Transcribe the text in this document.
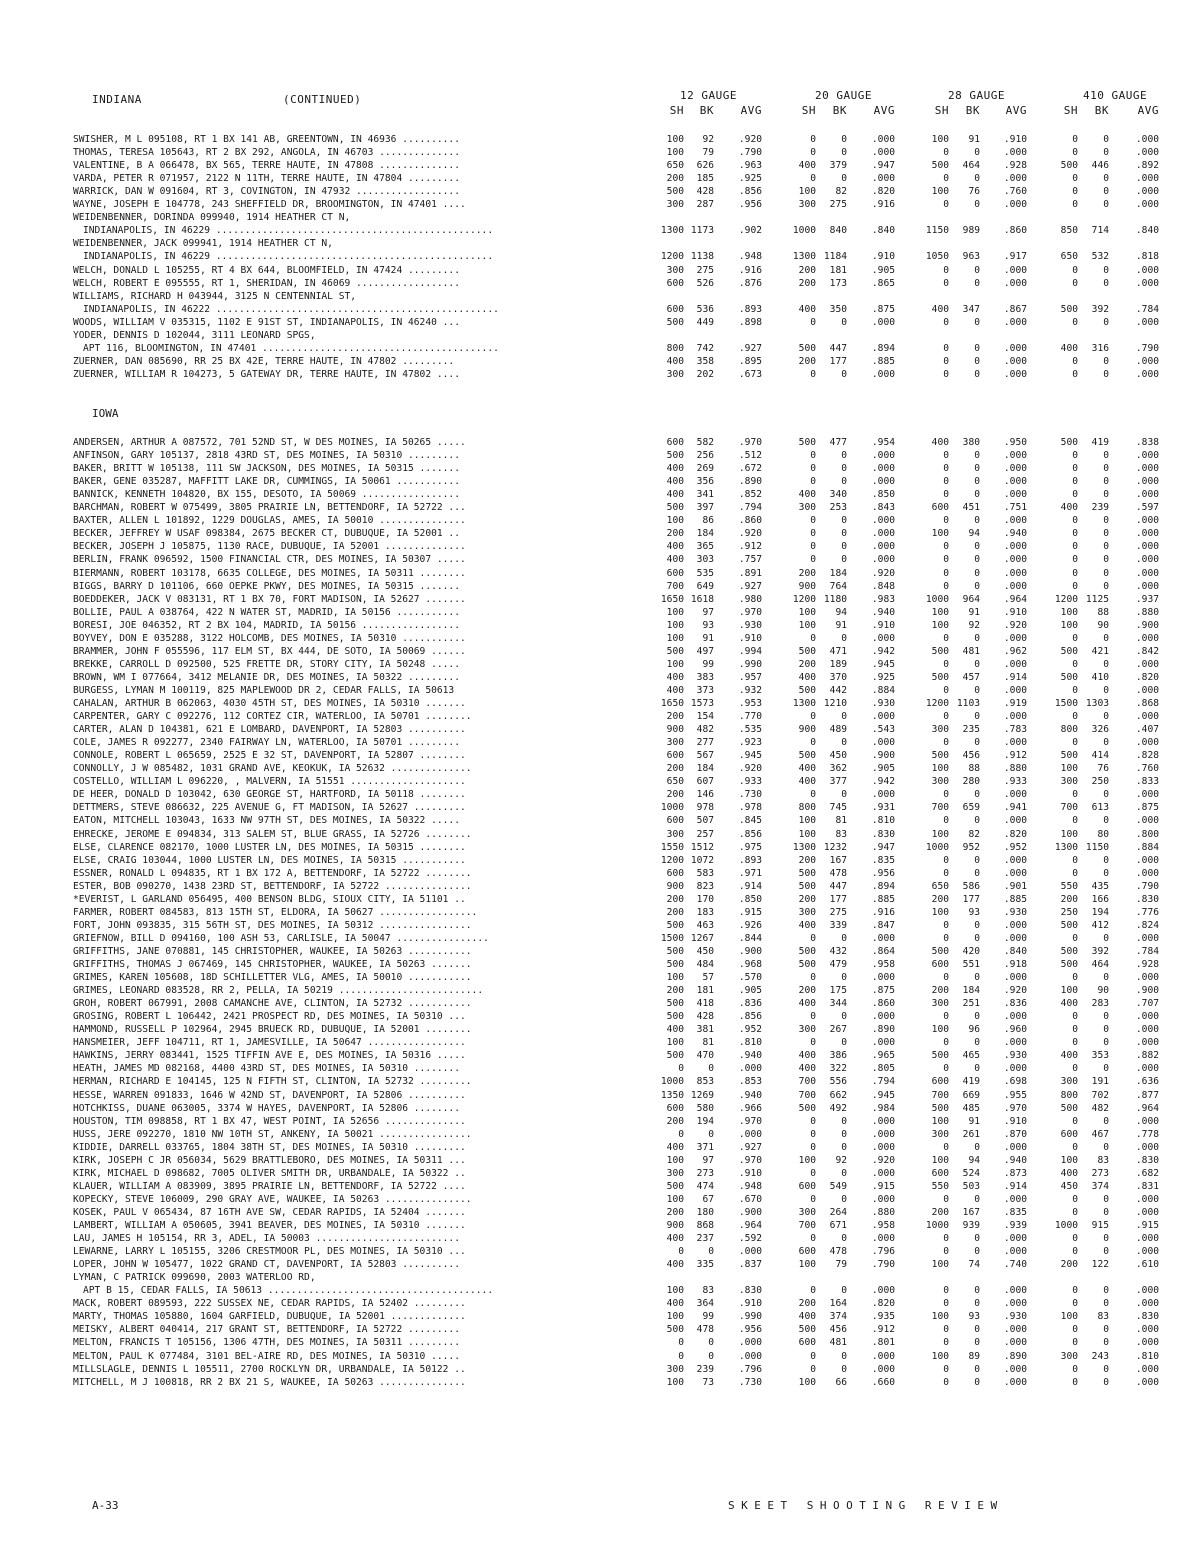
INDIANA	(CONTINUED)	12 GAUGE	20 GAUGE	28 GAUGE	410 GAUGE
SH	BK	AVG	SH	BK	AVG	SH	BK	AVG	SH	BK	AVG
SWISHER, M L 095108, RT 1 BX 141 AB, GREENTOWN, IN 46936 ..........	100	92	.920	0	0	.000	100	91	.910	0	0	.000
THOMAS, TERESA 105643, RT 2 BX 292, ANGOLA, IN 46703 ..............	100	79	.790	0	0	.000	0	0	.000	0	0	.000
VALENTINE, B A 066478, BX 565, TERRE HAUTE, IN 47808 ..............	650	626	.963	400	379	.947	500	464	.928	500	446	.892
VARDA, PETER R 071957, 2122 N 11TH, TERRE HAUTE, IN 47804 .........	200	185	.925	0	0	.000	0	0	.000	0	0	.000
WARRICK, DAN W 091604, RT 3, COVINGTON, IN 47932 ..................	500	428	.856	100	82	.820	100	76	.760	0	0	.000
WAYNE, JOSEPH E 104778, 243 SHEFFIELD DR, BROOMINGTON, IN 47401 ....	300	287	.956	300	275	.916	0	0	.000	0	0	.000
WEIDENBENNER, DORINDA 099940, 1914 HEATHER CT N,
INDIANAPOLIS, IN 46229 ................................................	1300 1173	.902	1000	840	.840	1150	989	.860	850	714	.840
WEIDENBENNER, JACK 099941, 1914 HEATHER CT N,
INDIANAPOLIS, IN 46229 ................................................	1200 1138	.948	1300 1184	.910	1050	963	.917	650	532	.818
WELCH, DONALD L 105255, RT 4 BX 644, BLOOMFIELD, IN 47424 .........	300	275	.916	200	181	.905	0	0	.000	0	0	.000
WELCH, ROBERT E 095555, RT 1, SHERIDAN, IN 46069 ..................	600	526	.876	200	173	.865	0	0	.000	0	0	.000
WILLIAMS, RICHARD H 043944, 3125 N CENTENNIAL ST,
INDIANAPOLIS, IN 46222 .................................................	600	536	.893	400	350	.875	400	347	.867	500	392	.784
WOODS, WILLIAM V 035315, 1102 E 91ST ST, INDIANAPOLIS, IN 46240 ...	500	449	.898	0	0	.000	0	0	.000	0	0	.000
YODER, DENNIS D 102044, 3111 LEONARD SPGS,
APT 116, BLOOMINGTON, IN 47401 .........................................	800	742	.927	500	447	.894	0	0	.000	400	316	.790
ZUERNER, DAN 085690, RR 25 BX 42E, TERRE HAUTE, IN 47802 .........	400	358	.895	200	177	.885	0	0	.000	0	0	.000
ZUERNER, WILLIAM R 104273, 5 GATEWAY DR, TERRE HAUTE, IN 47802 ....	300	202	.673	0	0	.000	0	0	.000	0	0	.000
IOWA
ANDERSEN, ARTHUR A 087572, 701 52ND ST, W DES MOINES, IA 50265 .....	600	582	.970	500	477	.954	400	380	.950	500	419	.838
ANFINSON, GARY 105137, 2818 43RD ST, DES MOINES, IA 50310 .........	500	256	.512	0	0	.000	0	0	.000	0	0	.000
BAKER, BRITT W 105138, 111 SW JACKSON, DES MOINES, IA 50315 .......	400	269	.672	0	0	.000	0	0	.000	0	0	.000
BAKER, GENE 035287, MAFFITT LAKE DR, CUMMINGS, IA 50061 ...........	400	356	.890	0	0	.000	0	0	.000	0	0	.000
BANNICK, KENNETH 104820, BX 155, DESOTO, IA 50069 .................	400	341	.852	400	340	.850	0	0	.000	0	0	.000
BARCHMAN, ROBERT W 075499, 3805 PRAIRIE LN, BETTENDORF, IA 52722 ...	500	397	.794	300	253	.843	600	451	.751	400	239	.597
BAXTER, ALLEN L 101892, 1229 DOUGLAS, AMES, IA 50010 ...............	100	86	.860	0	0	.000	0	0	.000	0	0	.000
BECKER, JEFFREY W USAF 098384, 2675 BECKER CT, DUBUQUE, IA 52001 ..	200	184	.920	0	0	.000	100	94	.940	0	0	.000
BECKER, JOSEPH J 105875, 1130 RACE, DUBUQUE, IA 52001 ..............	400	365	.912	0	0	.000	0	0	.000	0	0	.000
BERLIN, FRANK 096592, 1500 FINANCIAL CTR, DES MOINES, IA 50307 .....	400	303	.757	0	0	.000	0	0	.000	0	0	.000
BIERMANN, ROBERT 103178, 6635 COLLEGE, DES MOINES, IA 50311 ........	600	535	.891	200	184	.920	0	0	.000	0	0	.000
BIGGS, BARRY D 101106, 660 OEPKE PKWY, DES MOINES, IA 50315 .......	700	649	.927	900	764	.848	0	0	.000	0	0	.000
BOEDDEKER, JACK V 083131, RT 1 BX 70, FORT MADISON, IA 52627 .......	1650 1618	.980	1200 1180	.983	1000	964	.964	1200 1125	.937
BOLLIE, PAUL A 038764, 422 N WATER ST, MADRID, IA 50156 ...........	100	97	.970	100	94	.940	100	91	.910	100	88	.880
BORESI, JOE 046352, RT 2 BX 104, MADRID, IA 50156 .................	100	93	.930	100	91	.910	100	92	.920	100	90	.900
BOYVEY, DON E 035288, 3122 HOLCOMB, DES MOINES, IA 50310 ...........	100	91	.910	0	0	.000	0	0	.000	0	0	.000
BRAMMER, JOHN F 055596, 117 ELM ST, BX 444, DE SOTO, IA 50069 ......	500	497	.994	500	471	.942	500	481	.962	500	421	.842
BREKKE, CARROLL D 092500, 525 FRETTE DR, STORY CITY, IA 50248 .....	100	99	.990	200	189	.945	0	0	.000	0	0	.000
BROWN, WM I 077664, 3412 MELANIE DR, DES MOINES, IA 50322 .........	400	383	.957	400	370	.925	500	457	.914	500	410	.820
BURGESS, LYMAN M 100119, 825 MAPLEWOOD DR 2, CEDAR FALLS, IA 50613	400	373	.932	500	442	.884	0	0	.000	0	0	.000
CAHALAN, ARTHUR B 062063, 4030 45TH ST, DES MOINES, IA 50310 .......	1650 1573	.953	1300 1210	.930	1200 1103	.919	1500 1303	.868
CARPENTER, GARY C 092276, 112 CORTEZ CIR, WATERLOO, IA 50701 ........	200	154	.770	0	0	.000	0	0	.000	0	0	.000
CARTER, ALAN D 104381, 621 E LOMBARD, DAVENPORT, IA 52803 ..........	900	482	.535	900	489	.543	300	235	.783	800	326	.407
COLE, JAMES R 092277, 2340 FAIRWAY LN, WATERLOO, IA 50701 .........	300	277	.923	0	0	.000	0	0	.000	0	0	.000
CONNOLE, ROBERT L 065659, 2525 E 32 ST, DAVENPORT, IA 52807 ........	600	567	.945	500	450	.900	500	456	.912	500	414	.828
CONNOLLY, J W 085482, 1031 GRAND AVE, KEOKUK, IA 52632 ..............	200	184	.920	400	362	.905	100	88	.880	100	76	.760
COSTELLO, WILLIAM L 096220, , MALVERN, IA 51551 ....................	650	607	.933	400	377	.942	300	280	.933	300	250	.833
DE HEER, DONALD D 103042, 630 GEORGE ST, HARTFORD, IA 50118 ........	200	146	.730	0	0	.000	0	0	.000	0	0	.000
DETTMERS, STEVE 086632, 225 AVENUE G, FT MADISON, IA 52627 .........	1000	978	.978	800	745	.931	700	659	.941	700	613	.875
EATON, MITCHELL 103043, 1633 NW 97TH ST, DES MOINES, IA 50322 .....	600	507	.845	100	81	.810	0	0	.000	0	0	.000
EHRECKE, JEROME E 094834, 313 SALEM ST, BLUE GRASS, IA 52726 ........	300	257	.856	100	83	.830	100	82	.820	100	80	.800
ELSE, CLARENCE 082170, 1000 LUSTER LN, DES MOINES, IA 50315 ........	1550 1512	.975	1300 1232	.947	1000	952	.952	1300 1150	.884
ELSE, CRAIG 103044, 1000 LUSTER LN, DES MOINES, IA 50315 ...........	1200 1072	.893	200	167	.835	0	0	.000	0	0	.000
ESSNER, RONALD L 094835, RT 1 BX 172 A, BETTENDORF, IA 52722 ........	600	583	.971	500	478	.956	0	0	.000	0	0	.000
ESTER, BOB 090270, 1438 23RD ST, BETTENDORF, IA 52722 ...............	900	823	.914	500	447	.894	650	586	.901	550	435	.790
*EVERIST, L GARLAND 056495, 400 BENSON BLDG, SIOUX CITY, IA 51101 ..	200	170	.850	200	177	.885	200	177	.885	200	166	.830
FARMER, ROBERT 084583, 813 15TH ST, ELDORA, IA 50627 .................	200	183	.915	300	275	.916	100	93	.930	250	194	.776
FORT, JOHN 093835, 315 56TH ST, DES MOINES, IA 50312 ................	500	463	.926	400	339	.847	0	0	.000	500	412	.824
GRIEFNOW, BILL D 094160, 100 ASH 53, CARLISLE, IA 50047 ................	1500 1267	.844	0	0	.000	0	0	.000	0	0	.000
GRIFFITHS, JANE 070881, 145 CHRISTOPHER, WAUKEE, IA 50263 ...........	500	450	.900	500	432	.864	500	420	.840	500	392	.784
GRIFFITHS, THOMAS J 067469, 145 CHRISTOPHER, WAUKEE, IA 50263 .......	500	484	.968	500	479	.958	600	551	.918	500	464	.928
GRIMES, KAREN 105608, 18D SCHILLETTER VLG, AMES, IA 50010 ...........	100	57	.570	0	0	.000	0	0	.000	0	0	.000
GRIMES, LEONARD 083528, RR 2, PELLA, IA 50219 .........................	200	181	.905	200	175	.875	200	184	.920	100	90	.900
GROH, ROBERT 067991, 2008 CAMANCHE AVE, CLINTON, IA 52732 ...........	500	418	.836	400	344	.860	300	251	.836	400	283	.707
GROSING, ROBERT L 106442, 2421 PROSPECT RD, DES MOINES, IA 50310 ...	500	428	.856	0	0	.000	0	0	.000	0	0	.000
HAMMOND, RUSSELL P 102964, 2945 BRUECK RD, DUBUQUE, IA 52001 ........	400	381	.952	300	267	.890	100	96	.960	0	0	.000
HANSMEIER, JEFF 104711, RT 1, JAMESVILLE, IA 50647 .................	100	81	.810	0	0	.000	0	0	.000	0	0	.000
HAWKINS, JERRY 083441, 1525 TIFFIN AVE E, DES MOINES, IA 50316 .....	500	470	.940	400	386	.965	500	465	.930	400	353	.882
HEATH, JAMES MD 082168, 4400 43RD ST, DES MOINES, IA 50310 ........	0	0	.000	400	322	.805	0	0	.000	0	0	.000
HERMAN, RICHARD E 104145, 125 N FIFTH ST, CLINTON, IA 52732 .........	1000	853	.853	700	556	.794	600	419	.698	300	191	.636
HESSE, WARREN 091833, 1646 W 42ND ST, DAVENPORT, IA 52806 ..........	1350 1269	.940	700	662	.945	700	669	.955	800	702	.877
HOTCHKISS, DUANE 063005, 3374 W HAYES, DAVENPORT, IA 52806 ........	600	580	.966	500	492	.984	500	485	.970	500	482	.964
HOUSTON, TIM 098858, RT 1 BX 47, WEST POINT, IA 52656 ..............	200	194	.970	0	0	.000	100	91	.910	0	0	.000
HUSS, JERE 092270, 1810 NW 10TH ST, ANKENY, IA 50021 ................	0	0	.000	0	0	.000	300	261	.870	600	467	.778
KIDDIE, DARRELL 033765, 1804 38TH ST, DES MOINES, IA 50310 .........	400	371	.927	0	0	.000	0	0	.000	0	0	.000
KIRK, JOSEPH C JR 056034, 5629 BRATTLEBORO, DES MOINES, IA 50311 ...	100	97	.970	100	92	.920	100	94	.940	100	83	.830
KIRK, MICHAEL D 098682, 7005 OLIVER SMITH DR, URBANDALE, IA 50322 ..	300	273	.910	0	0	.000	600	524	.873	400	273	.682
KLAUER, WILLIAM A 083909, 3895 PRAIRIE LN, BETTENDORF, IA 52722 ....	500	474	.948	600	549	.915	550	503	.914	450	374	.831
KOPECKY, STEVE 106009, 290 GRAY AVE, WAUKEE, IA 50263 ...............	100	67	.670	0	0	.000	0	0	.000	0	0	.000
KOSEK, PAUL V 065434, 87 16TH AVE SW, CEDAR RAPIDS, IA 52404 .......	200	180	.900	300	264	.880	200	167	.835	0	0	.000
LAMBERT, WILLIAM A 050605, 3941 BEAVER, DES MOINES, IA 50310 .......	900	868	.964	700	671	.958	1000	939	.939	1000	915	.915
LAU, JAMES H 105154, RR 3, ADEL, IA 50003 .........................	400	237	.592	0	0	.000	0	0	.000	0	0	.000
LEWARNE, LARRY L 105155, 3206 CRESTMOOR PL, DES MOINES, IA 50310 ...	0	0	.000	600	478	.796	0	0	.000	0	0	.000
LOPER, JOHN W 105477, 1022 GRAND CT, DAVENPORT, IA 52803 ..........	400	335	.837	100	79	.790	100	74	.740	200	122	.610
LYMAN, C PATRICK 099690, 2003 WATERLOO RD,
APT B 15, CEDAR FALLS, IA 50613 .......................................	100	83	.830	0	0	.000	0	0	.000	0	0	.000
MACK, ROBERT 089593, 222 SUSSEX NE, CEDAR RAPIDS, IA 52402 .........	400	364	.910	200	164	.820	0	0	.000	0	0	.000
MARTY, THOMAS 105880, 1604 GARFIELD, DUBUQUE, IA 52001 .............	100	99	.990	400	374	.935	100	93	.930	100	83	.830
MEISKY, ALBERT 040414, 217 GRANT ST, BETTENDORF, IA 52722 .........	500	478	.956	500	456	.912	0	0	.000	0	0	.000
MELTON, FRANCIS T 105156, 1306 47TH, DES MOINES, IA 50311 .........	0	0	.000	600	481	.801	0	0	.000	0	0	.000
MELTON, PAUL K 077484, 3101 BEL-AIRE RD, DES MOINES, IA 50310 .....	0	0	.000	0	0	.000	100	89	.890	300	243	.810
MILLSLAGLE, DENNIS L 105511, 2700 ROCKLYN DR, URBANDALE, IA 50122 ..	300	239	.796	0	0	.000	0	0	.000	0	0	.000
MITCHELL, M J 100818, RR 2 BX 21 S, WAUKEE, IA 50263 ...............	100	73	.730	100	66	.660	0	0	.000	0	0	.000
A-33	SKEET SHOOTING REVIEW
